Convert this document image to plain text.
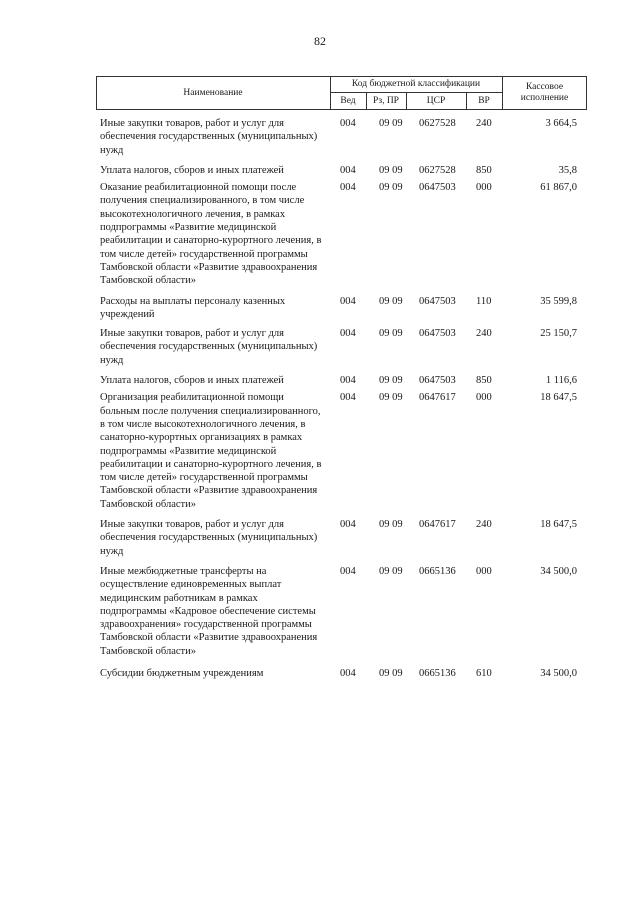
82
Наименование
Код бюджетной классификации
Вед	Рз, ПР	ЦСР	ВР
Кассовое
исполнение
Иные закупки товаров, работ и услуг для обеспечения государственных (муниципальных) нужд
004 09 09 0627528 240	3 664,5
Уплата налогов, сборов и иных платежей	004 09 09 0627528 850	35,8
Оказание реабилитационной помощи после получения специализированного, в том числе высокотехнологичного лечения, в рамках подпрограммы «Развитие медицинской реабилитации и санаторно-курортного лечения, в том числе детей» государственной программы Тамбовской области «Развитие здравоохранения Тамбовской области»
004 09 09 0647503 000	61 867,0
Расходы на выплаты персоналу казенных учреждений
004 09 09 0647503 110	35 599,8
Иные закупки товаров, работ и услуг для обеспечения государственных (муниципальных) нужд
004 09 09 0647503 240	25 150,7
Уплата налогов, сборов и иных платежей	004 09 09 0647503 850	1 116,6
Организация реабилитационной помощи больным после получения специализированного, в том числе высокотехнологичного лечения, в санаторно-курортных организациях в рамках подпрограммы «Развитие медицинской реабилитации и санаторно-курортного лечения, в том числе детей» государственной программы Тамбовской области «Развитие здравоохранения Тамбовской области»
004 09 09 0647617 000	18 647,5
Иные закупки товаров, работ и услуг для обеспечения государственных (муниципальных) нужд
004 09 09 0647617 240	18 647,5
Иные межбюджетные трансферты на осуществление единовременных выплат медицинским работникам в рамках подпрограммы «Кадровое обеспечение системы здравоохранения» государственной программы Тамбовской области «Развитие здравоохранения Тамбовской области»
004 09 09 0665136 000	34 500,0
Субсидии бюджетным учреждениям	004 09 09 0665136 610	34 500,0
